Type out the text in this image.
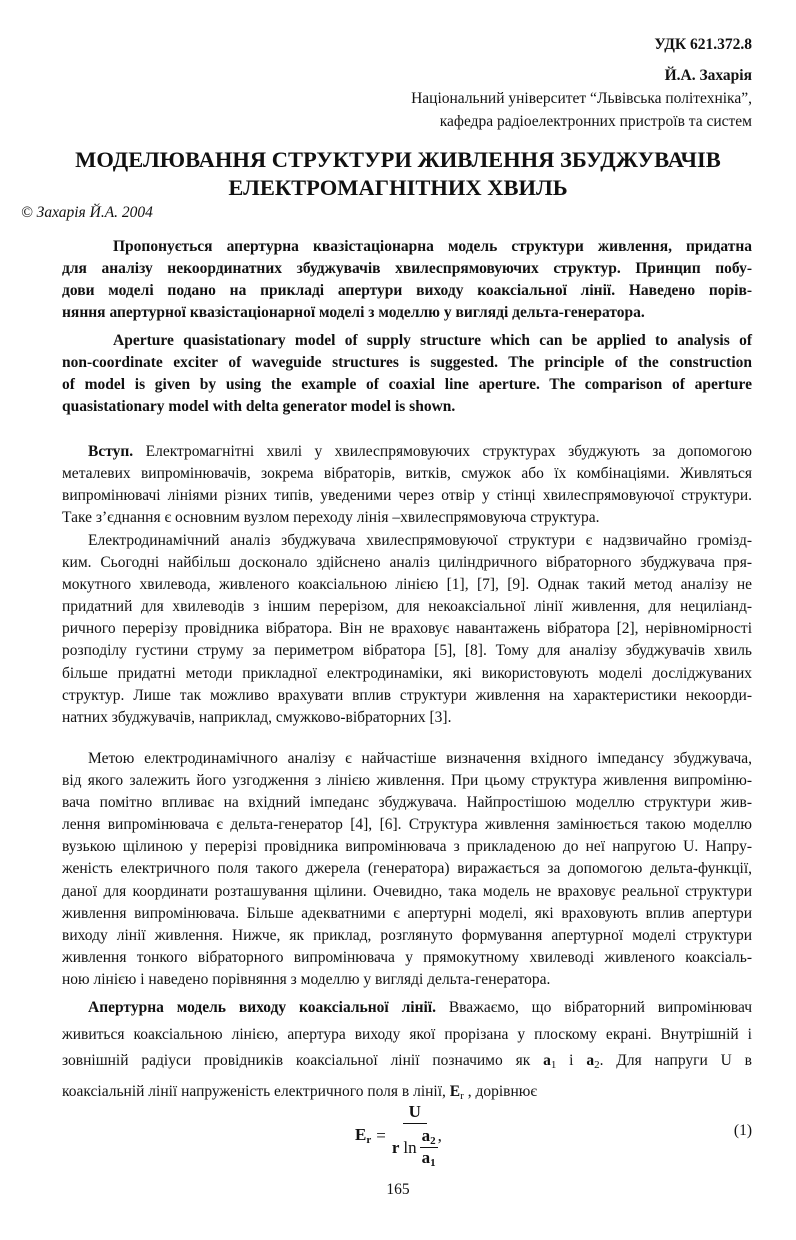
УДК 621.372.8
Й.А. Захарія
Національний університет “Львівська політехніка”,
кафедра радіоелектронних пристроїв та систем
МОДЕЛЮВАННЯ СТРУКТУРИ ЖИВЛЕННЯ ЗБУДЖУВАЧІВ
ЕЛЕКТРОМАГНІТНИХ ХВИЛЬ
© Захарія Й.А. 2004
Пропонується апертурна квазістаціонарна модель структури живлення, придатна
для аналізу некоординатних збуджувачів хвилеспрямовуючих структур. Принцип побу-
дови моделі подано на прикладі апертури виходу коаксіальної лінії. Наведено порів-
няння апертурної квазістаціонарної моделі з моделлю у вигляді дельта-генератора.
Aperture quasistationary model of supply structure which can be applied to analysis of
non-coordinate exciter of waveguide structures is suggested. The principle of the construction
of model is given by using the example of coaxial line aperture. The comparison of aperture
quasistationary model with delta generator model is shown.
Вступ. Електромагнітні хвилі у хвилеспрямовуючих структурах збуджують за допомогою
металевих випромінювачів, зокрема вібраторів, витків, смужок або їх комбінаціями. Живляться
випромінювачі лініями різних типів, уведеними через отвір у стінці хвилеспрямовуючої структури.
Таке з’єднання є основним вузлом переходу лінія –хвилеспрямовуюча структура.
Електродинамічний аналіз збуджувача хвилеспрямовуючої структури є надзвичайно громізд-
ким. Сьогодні найбільш досконало здійснено аналіз циліндричного вібраторного збуджувача пря-
мокутного хвилевода, живленого коаксіальною лінією [1], [7], [9]. Однак такий метод аналізу не
придатний для хвилеводів з іншим перерізом, для некоаксіальної лінії живлення, для нециліанд-
ричного перерізу провідника вібратора. Він не враховує навантажень вібратора [2], нерівномірності
розподілу густини струму за периметром вібратора [5], [8]. Тому для аналізу збуджувачів хвиль
більше придатні методи прикладної електродинаміки, які використовують моделі досліджуваних
структур. Лише так можливо врахувати вплив структури живлення на характеристики некоорди-
натних збуджувачів, наприклад, смужково-вібраторних [3].
Метою електродинамічного аналізу є найчастіше визначення вхідного імпедансу збуджувача,
від якого залежить його узгодження з лінією живлення. При цьому структура живлення випроміню-
вача помітно впливає на вхідний імпеданс збуджувача. Найпростішою моделлю структури жив-
лення випромінювача є дельта-генератор [4], [6]. Структура живлення замінюється такою моделлю
вузькою щілиною у перерізі провідника випромінювача з прикладеною до неї напругою U. Напру-
женість електричного поля такого джерела (генератора) виражається за допомогою дельта-функції,
даної для координати розташування щілини. Очевидно, така модель не враховує реальної структури
живлення випромінювача. Більше адекватними є апертурні моделі, які враховують вплив апертури
виходу лінії живлення. Нижче, як приклад, розглянуто формування апертурної моделі структури
живлення тонкого вібраторного випромінювача у прямокутному хвилеводі живленого коаксіаль-
ною лінією і наведено порівняння з моделлю у вигляді дельта-генератора.
Апертурна модель виходу коаксіальної лінії. Вважаємо, що вібраторний випромінювач
живиться коаксіальною лінією, апертура виходу якої прорізана у плоскому екрані. Внутрішній і
зовнішній радіуси провідників коаксіальної лінії позначимо як $a_1$ і $a_2$. Для напруги U в
коаксіальній лінії напруженість електричного поля в лінії, $E_r$ , дорівнює
$E_r = U$
r ln
$a_2$
$a_1$ ,	(1)
165
